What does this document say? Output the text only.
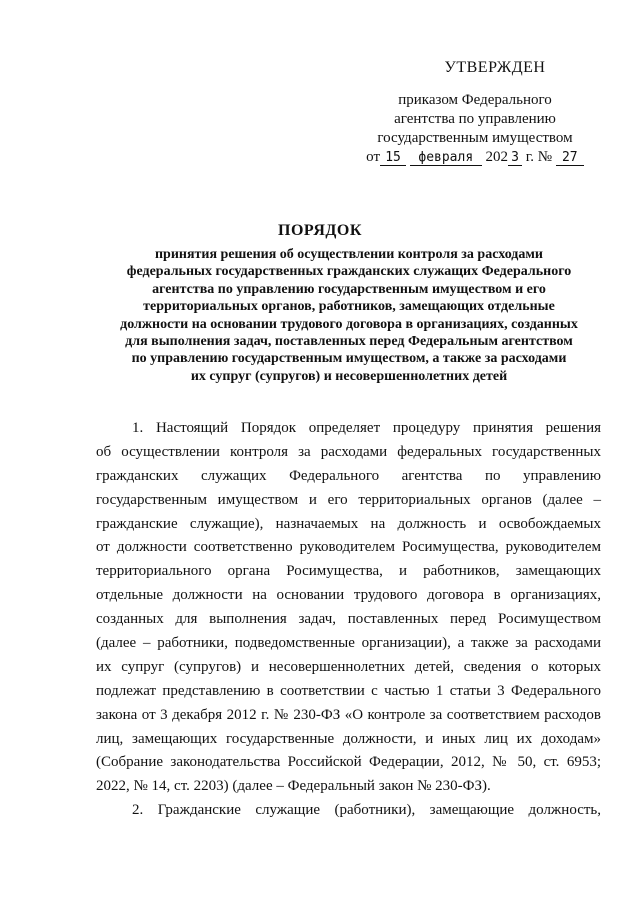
УТВЕРЖДЕН
приказом Федерального
агентства по управлению
государственным имуществом
от 15 февраля 202 3 г. № 27
ПОРЯДОК
принятия решения об осуществлении контроля за расходами
федеральных государственных гражданских служащих Федерального
агентства по управлению государственным имуществом и его
территориальных органов, работников, замещающих отдельные
должности на основании трудового договора в организациях, созданных
для выполнения задач, поставленных перед Федеральным агентством
по управлению государственным имуществом, а также за расходами
их супруг (супругов) и несовершеннолетних детей
1. Настоящий Порядок определяет процедуру принятия решения
об осуществлении контроля за расходами федеральных государственных
гражданских служащих Федерального агентства по управлению
государственным имуществом и его территориальных органов (далее –
гражданские служащие), назначаемых на должность и освобождаемых
от должности соответственно руководителем Росимущества, руководителем
территориального органа Росимущества, и работников, замещающих
отдельные должности на основании трудового договора в организациях,
созданных для выполнения задач, поставленных перед Росимуществом
(далее – работники, подведомственные организации), а также за расходами
их супруг (супругов) и несовершеннолетних детей, сведения о которых
подлежат представлению в соответствии с частью 1 статьи 3 Федерального
закона от 3 декабря 2012 г. № 230-ФЗ «О контроле за соответствием расходов
лиц, замещающих государственные должности, и иных лиц их доходам»
(Собрание законодательства Российской Федерации, 2012, № 50, ст. 6953;
2022, № 14, ст. 2203) (далее – Федеральный закон № 230-ФЗ).
2. Гражданские служащие (работники), замещающие должность,
